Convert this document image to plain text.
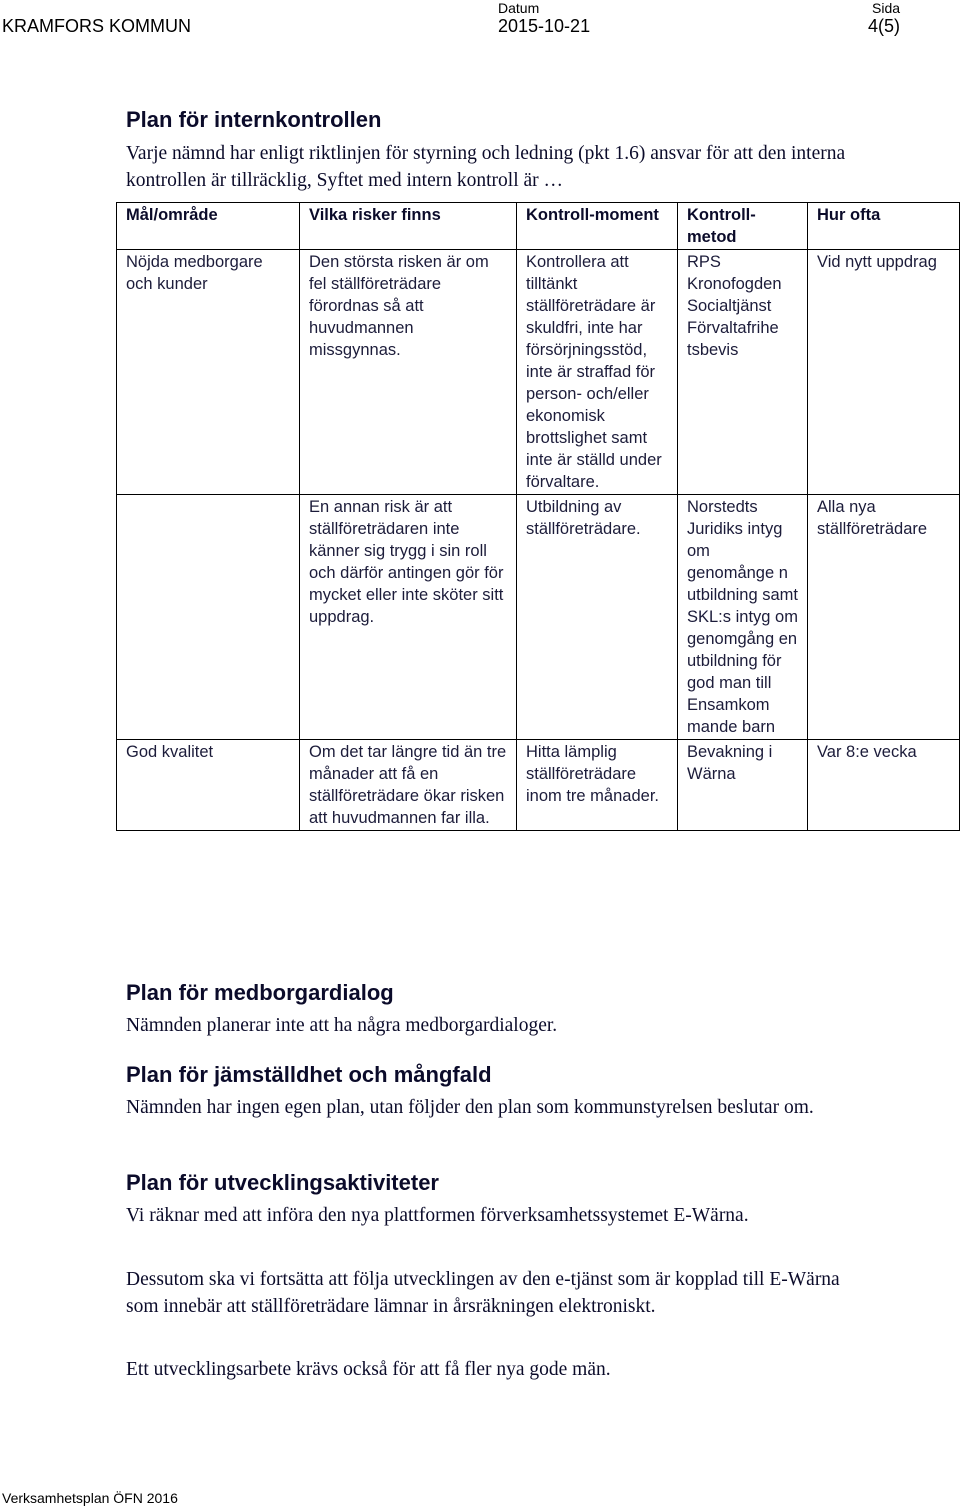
KRAMFORS KOMMUN
Datum
2015-10-21
Sida
4(5)
Plan för internkontrollen

Varje nämnd har enligt riktlinjen för styrning och ledning (pkt 1.6) ansvar för att den interna kontrollen är tillräcklig, Syftet med intern kontroll är …

Mål/område	Vilka risker finns	Kontroll-moment	Kontroll-metod	Hur ofta
Nöjda medborgare och kunder	Den största risken är om fel ställföreträdare förordnas så att huvudmannen missgynnas.	Kontrollera att tilltänkt ställföreträdare är skuldfri, inte har försörjningsstöd, inte är straffad för person- och/eller ekonomisk brottslighet samt inte är ställd under förvaltare.	RPS Kronofogden Socialtjänst Förvaltafrihe tsbevis	Vid nytt uppdrag
	En annan risk är att ställföreträdaren inte känner sig trygg i sin roll och därför antingen gör för mycket eller inte sköter sitt uppdrag.	Utbildning av ställföreträdare.	Norstedts Juridiks intyg om genomånge n utbildning samt SKL:s intyg om genomgång en utbildning för god man till Ensamkom mande barn	Alla nya ställföreträdare
God kvalitet	Om det tar längre tid än tre månader att få en ställföreträdare ökar risken att huvudmannen far illa.	Hitta lämplig ställföreträdare inom tre månader.	Bevakning i Wärna	Var 8:e vecka
Plan för medborgardialog

Nämnden planerar inte att ha några medborgardialoger.

Plan för jämställdhet och mångfald

Nämnden har ingen egen plan, utan följder den plan som kommunstyrelsen beslutar om.

Plan för utvecklingsaktiviteter

Vi räknar med att införa den nya plattformen förverksamhetssystemet E-Wärna.

Dessutom ska vi fortsätta att följa utvecklingen av den e-tjänst som är kopplad till E-Wärna som innebär att ställföreträdare lämnar in årsräkningen elektroniskt.

Ett utvecklingsarbete krävs också för att få fler nya gode män.

Verksamhetsplan ÖFN 2016
